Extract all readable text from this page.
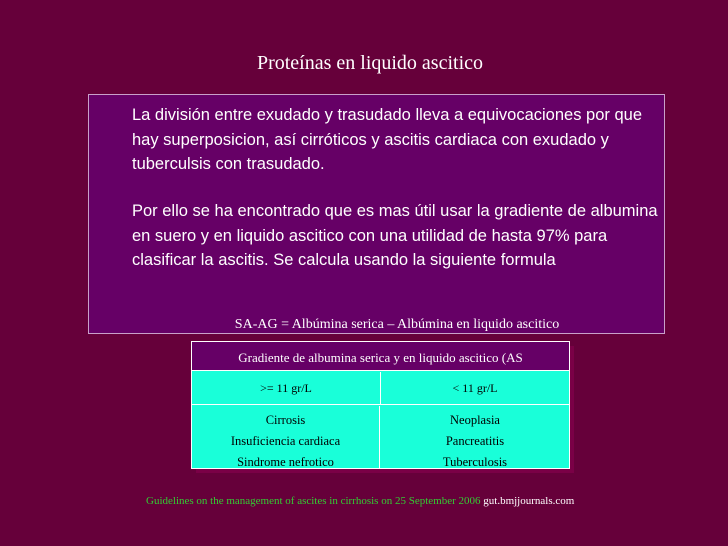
Proteínas en liquido ascitico

La división entre exudado y trasudado lleva a equivocaciones por que hay superposicion, así cirróticos y ascitis cardiaca con exudado y tuberculsis con trasudado.

Por ello se ha encontrado que es mas útil usar la gradiente de albumina en suero y en liquido ascitico con una utilidad de hasta 97% para clasificar la ascitis. Se calcula usando la siguiente formula

SA-AG = Albúmina serica – Albúmina en liquido ascitico
Gradiente de albumina serica y en liquido ascitico (AS
>= 11 gr/L	< 11 gr/L
Cirrosis
Insuficiencia cardiaca
Sindrome nefrotico
Neoplasia
Pancreatitis
Tuberculosis
Guidelines on the management of ascites in cirrhosis on 25 September 2006 gut.bmjjournals.com
